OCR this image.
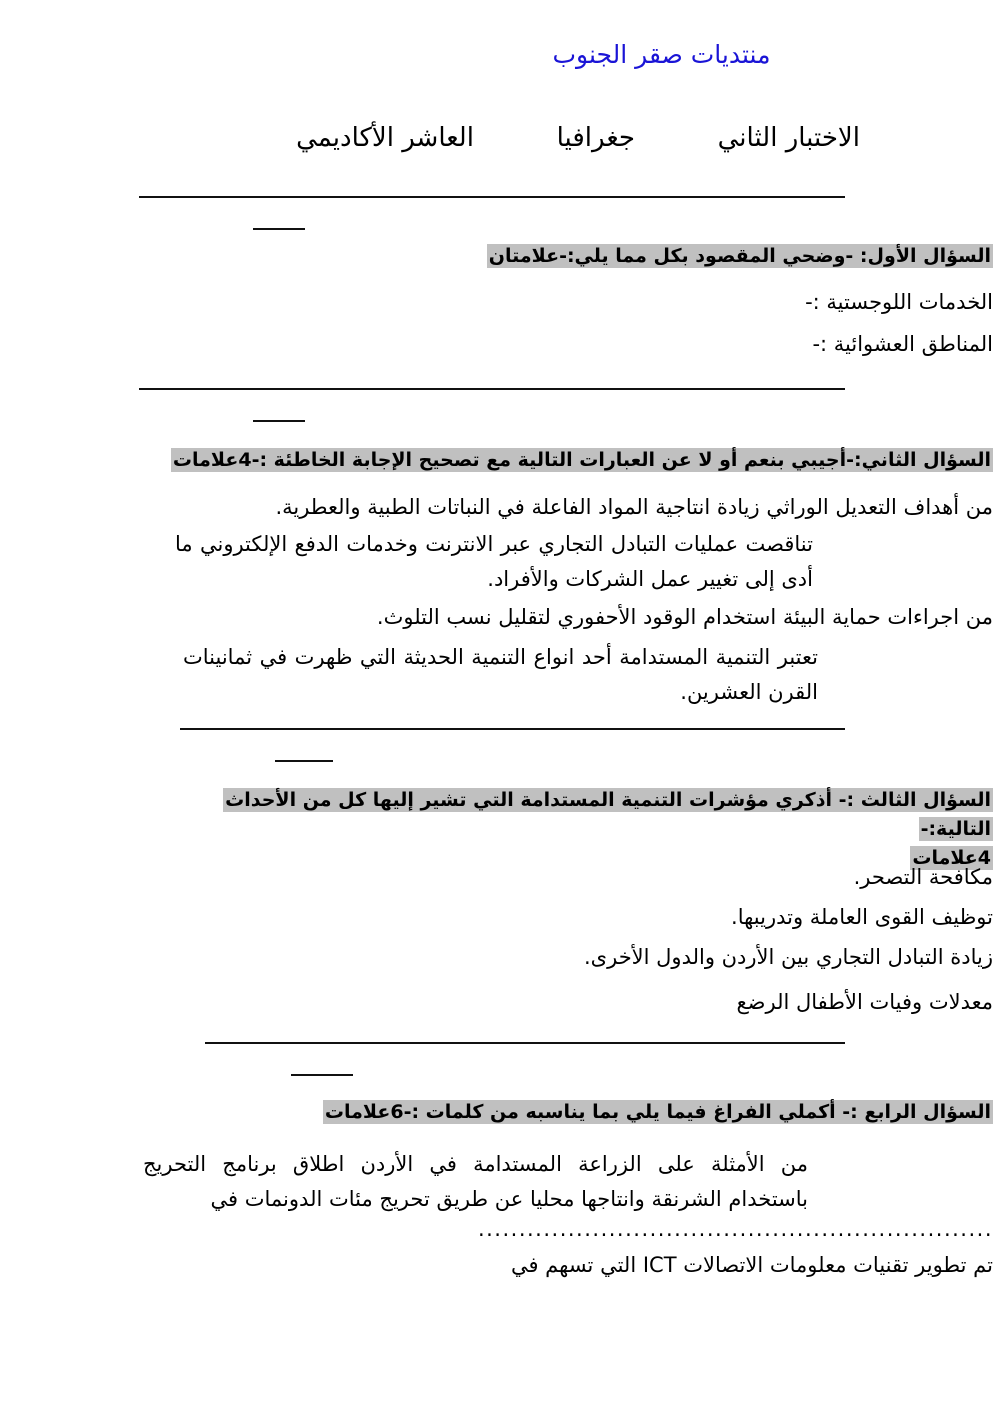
منتديات صقر الجنوب
الاختبار الثاني          جغرافيا          العاشر الأكاديمي
السؤال الأول: -وضحي المقصود بكل مما يلي:-علامتان
الخدمات اللوجستية :-
المناطق العشوائية :-
السؤال الثاني:-أجيبي بنعم أو لا عن العبارات التالية مع تصحيح الإجابة الخاطئة :-4علامات
من أهداف التعديل الوراثي زيادة انتاجية المواد الفاعلة في النباتات الطبية والعطرية.
تناقصت عمليات التبادل التجاري عبر الانترنت وخدمات الدفع الإلكتروني ما أدى إلى تغيير عمل الشركات والأفراد.
من اجراءات حماية البيئة استخدام الوقود الأحفوري لتقليل نسب التلوث.
تعتبر التنمية المستدامة أحد انواع التنمية الحديثة التي ظهرت في ثمانينات القرن العشرين.
السؤال الثالث :- أذكري مؤشرات التنمية المستدامة التي تشير إليها كل من الأحداث التالية:-
4علامات
مكافحة التصحر.
توظيف القوى العاملة وتدريبها.
زيادة التبادل التجاري بين الأردن والدول الأخرى.
معدلات وفيات الأطفال الرضع
السؤال الرابع :- أكملي الفراغ فيما يلي بما يناسبه من كلمات :-6علامات
من الأمثلة على الزراعة المستدامة في الأردن اطلاق برنامج التحريج باستخدام الشرنقة وانتاجها محليا عن طريق تحريج مئات الدونمات في
...............................................................
تم تطوير تقنيات معلومات الاتصالات ICT التي تسهم في
